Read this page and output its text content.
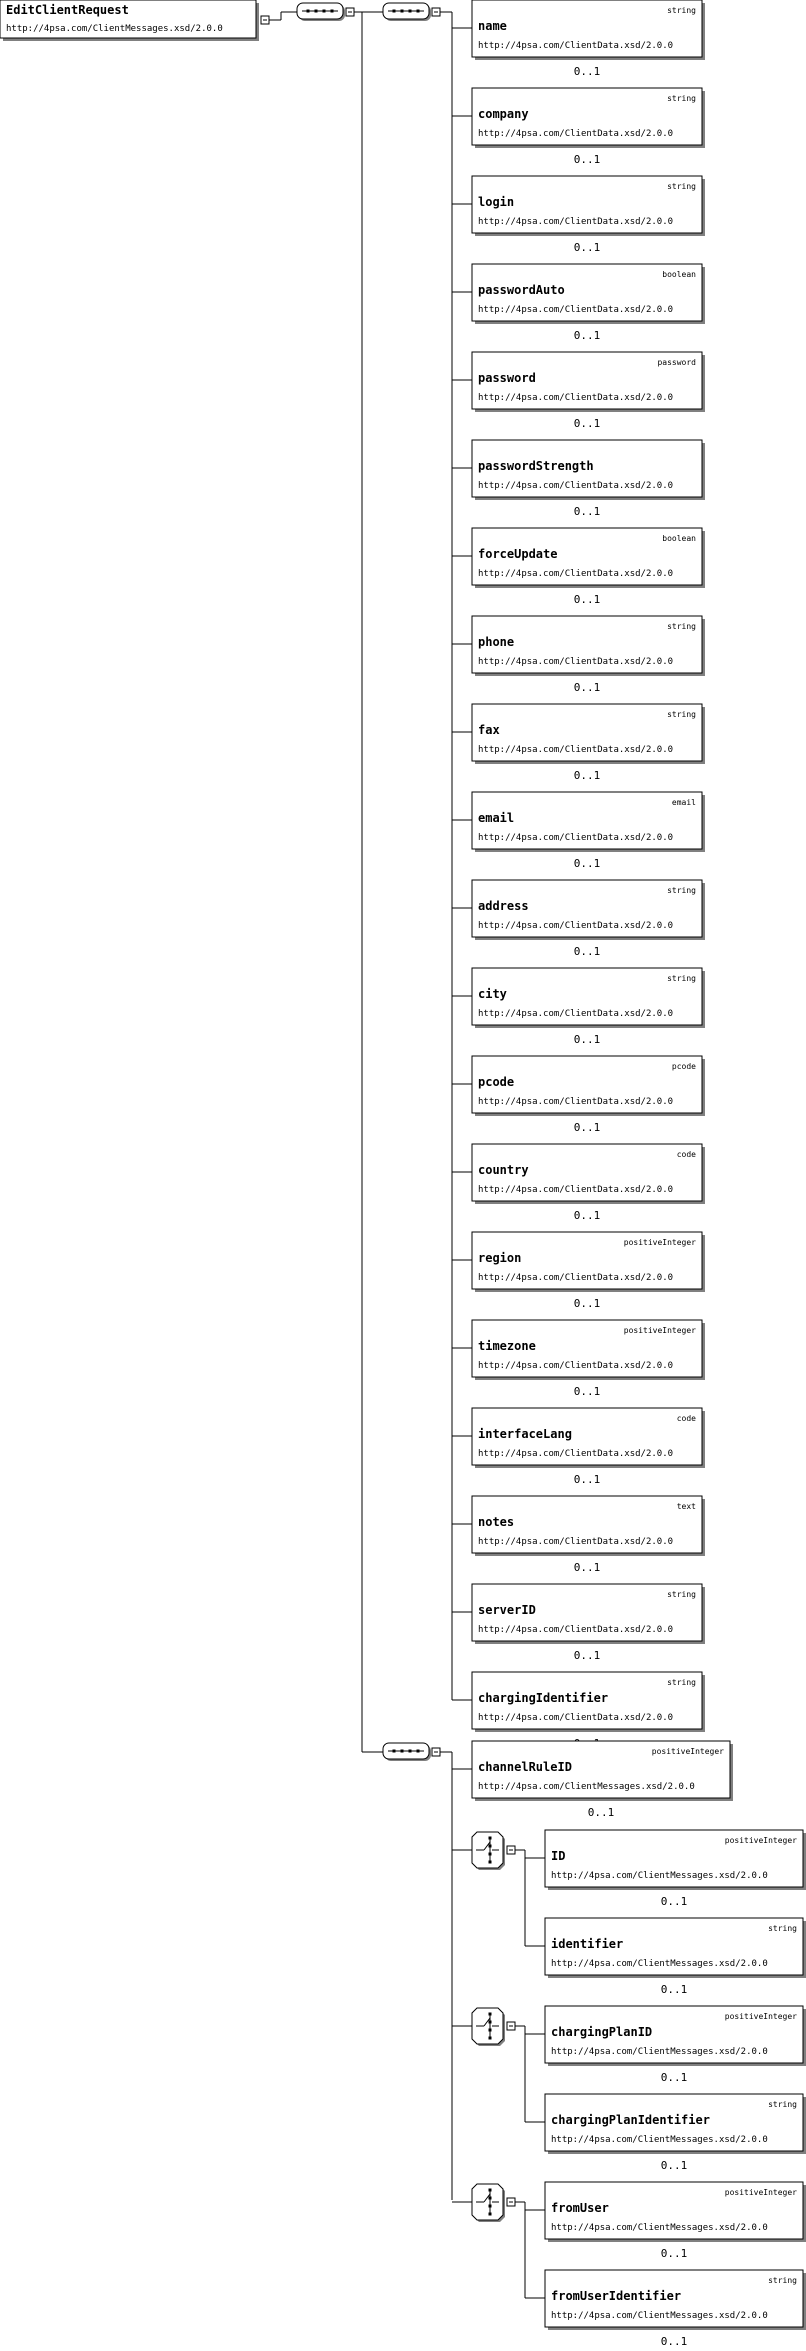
EditClientRequest
http://4psa.com/ClientMessages.xsd/2.0.0
string
name
http://4psa.com/ClientData.xsd/2.0.0
0..1
string
company
http://4psa.com/ClientData.xsd/2.0.0
0..1
string
login
http://4psa.com/ClientData.xsd/2.0.0
0..1
boolean
passwordAuto
http://4psa.com/ClientData.xsd/2.0.0
0..1
password
password
http://4psa.com/ClientData.xsd/2.0.0
0..1
passwordStrength
http://4psa.com/ClientData.xsd/2.0.0
0..1
boolean
forceUpdate
http://4psa.com/ClientData.xsd/2.0.0
0..1
string
phone
http://4psa.com/ClientData.xsd/2.0.0
0..1
string
fax
http://4psa.com/ClientData.xsd/2.0.0
0..1
email
email
http://4psa.com/ClientData.xsd/2.0.0
0..1
string
address
http://4psa.com/ClientData.xsd/2.0.0
0..1
string
city
http://4psa.com/ClientData.xsd/2.0.0
0..1
pcode
pcode
http://4psa.com/ClientData.xsd/2.0.0
0..1
code
country
http://4psa.com/ClientData.xsd/2.0.0
0..1
positiveInteger
region
http://4psa.com/ClientData.xsd/2.0.0
0..1
positiveInteger
timezone
http://4psa.com/ClientData.xsd/2.0.0
0..1
code
interfaceLang
http://4psa.com/ClientData.xsd/2.0.0
0..1
text
notes
http://4psa.com/ClientData.xsd/2.0.0
0..1
string
serverID
http://4psa.com/ClientData.xsd/2.0.0
0..1
string
chargingIdentifier
http://4psa.com/ClientData.xsd/2.0.0
positiveInteger
channelRuleID
http://4psa.com/ClientMessages.xsd/2.0.0
0..1
positiveInteger
ID
http://4psa.com/ClientMessages.xsd/2.0.0
0..1
string
identifier
http://4psa.com/ClientMessages.xsd/2.0.0
0..1
positiveInteger
chargingPlanID
http://4psa.com/ClientMessages.xsd/2.0.0
0..1
string
chargingPlanIdentifier
http://4psa.com/ClientMessages.xsd/2.0.0
0..1
positiveInteger
fromUser
http://4psa.com/ClientMessages.xsd/2.0.0
0..1
string
fromUserIdentifier
http://4psa.com/ClientMessages.xsd/2.0.0
0..1
